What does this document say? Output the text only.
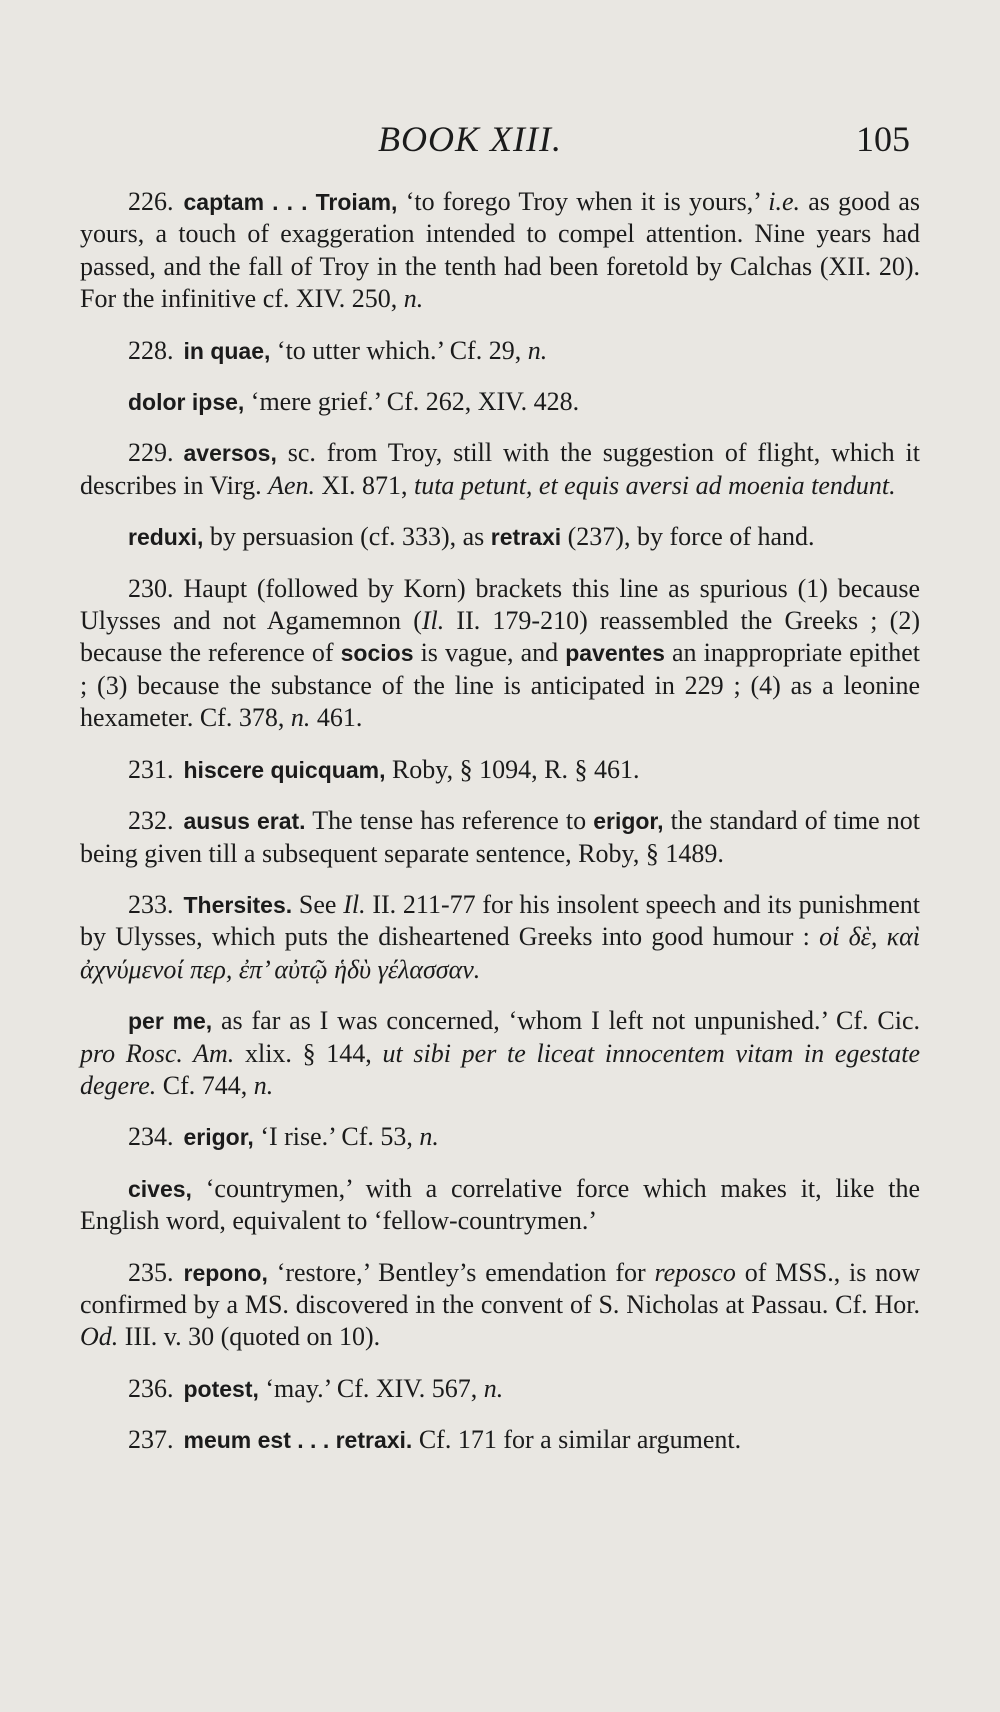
BOOK XIII.	105

226. captam . . . Troiam, ‘to forego Troy when it is yours,’ i.e. as good as yours, a touch of exaggeration intended to compel attention. Nine years had passed, and the fall of Troy in the tenth had been foretold by Calchas (XII. 20). For the infinitive cf. XIV. 250, n.

228. in quae, ‘to utter which.’ Cf. 29, n.

dolor ipse, ‘mere grief.’ Cf. 262, XIV. 428.

229. aversos, sc. from Troy, still with the suggestion of flight, which it describes in Virg. Aen. XI. 871, tuta petunt, et equis aversi ad moenia tendunt.

reduxi, by persuasion (cf. 333), as retraxi (237), by force of hand.

230. Haupt (followed by Korn) brackets this line as spurious (1) because Ulysses and not Agamemnon (Il. II. 179-210) reassembled the Greeks ; (2) because the reference of socios is vague, and paventes an inappropriate epithet ; (3) because the substance of the line is anticipated in 229 ; (4) as a leonine hexameter. Cf. 378, n. 461.

231. hiscere quicquam, Roby, § 1094, R. § 461.

232. ausus erat. The tense has reference to erigor, the standard of time not being given till a subsequent separate sentence, Roby, § 1489.

233. Thersites. See Il. II. 211-77 for his insolent speech and its punishment by Ulysses, which puts the disheartened Greeks into good humour : οἱ δὲ, καὶ ἀχνύμενοί περ, ἐπ’ αὐτῷ ἡδὺ γέλασσαν.

per me, as far as I was concerned, ‘whom I left not unpunished.’ Cf. Cic. pro Rosc. Am. xlix. § 144, ut sibi per te liceat innocentem vitam in egestate degere. Cf. 744, n.

234. erigor, ‘I rise.’ Cf. 53, n.

cives, ‘countrymen,’ with a correlative force which makes it, like the English word, equivalent to ‘fellow-countrymen.’

235. repono, ‘restore,’ Bentley’s emendation for reposco of MSS., is now confirmed by a MS. discovered in the convent of S. Nicholas at Passau. Cf. Hor. Od. III. v. 30 (quoted on 10).

236. potest, ‘may.’ Cf. XIV. 567, n.

237. meum est . . . retraxi. Cf. 171 for a similar argument.
